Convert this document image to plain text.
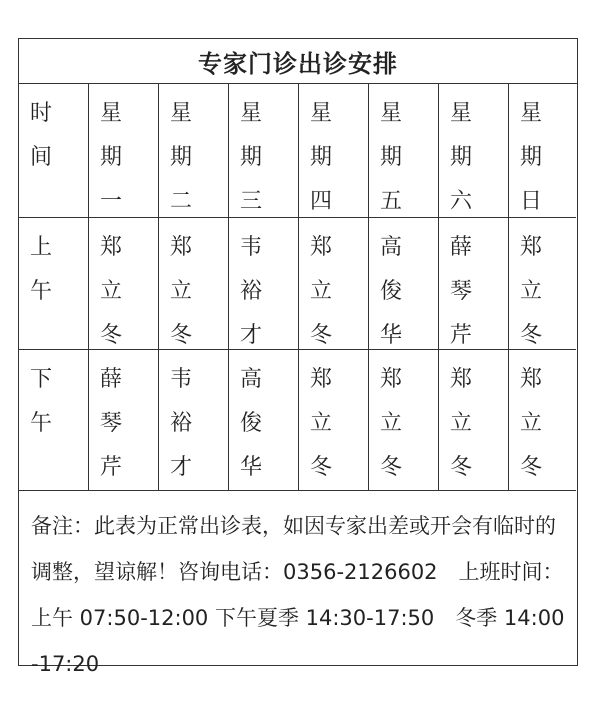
专家门诊出诊安排
时
间
星
期
一
星
期
二
星
期
三
星
期
四
星
期
五
星
期
六
星
期
日
上
午
郑
立
冬
郑
立
冬
韦
裕
才
郑
立
冬
高
俊
华
薛
琴
芹
郑
立
冬
下
午
薛
琴
芹
韦
裕
才
高
俊
华
郑
立
冬
郑
立
冬
郑
立
冬
郑
立
冬
备注：此表为正常出诊表，如因专家出差或开会有临时的调整，望谅解！咨询电话：0356-2126602　上班时间：上午 07:50-12:00 下午夏季 14:30-17:50　冬季 14:00-17:20
